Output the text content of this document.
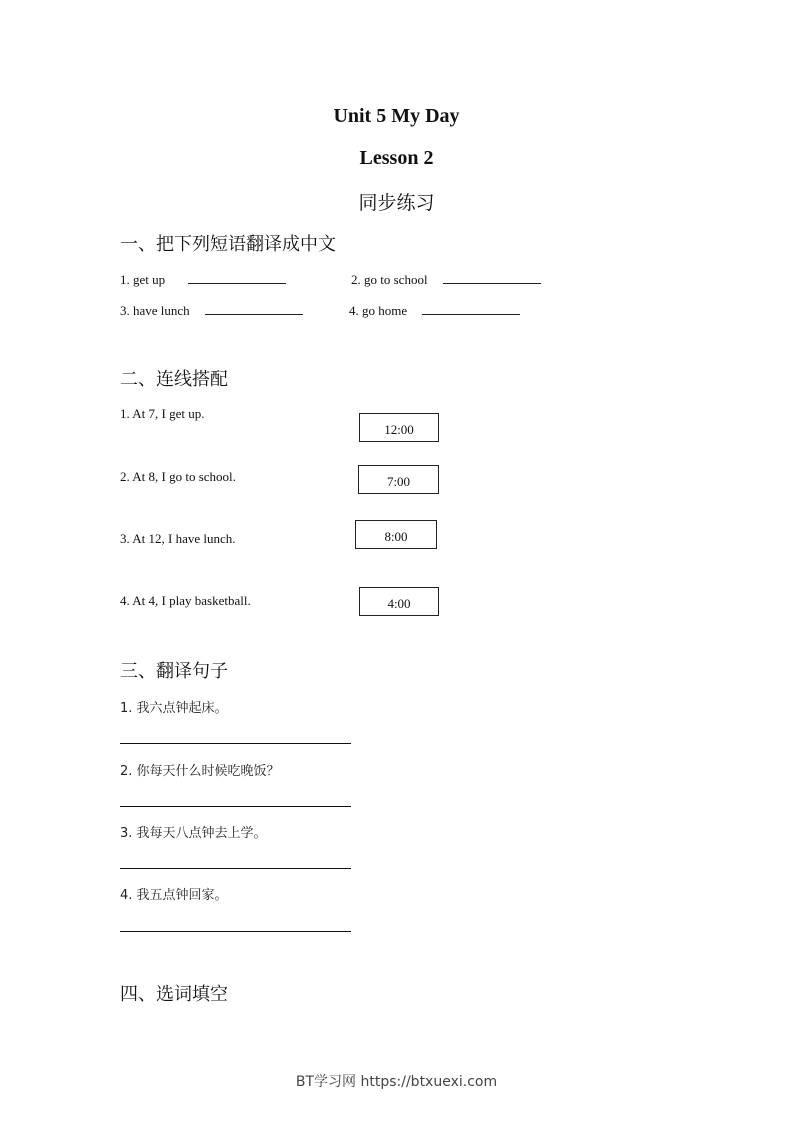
Unit 5 My Day
Lesson 2
同步练习
一、把下列短语翻译成中文
1. get up	2. go to school
3. have lunch	4. go home
二、连线搭配
1. At 7, I get up.
2. At 8, I go to school.
3. At 12, I have lunch.
4. At 4, I play basketball.
12:00
7:00
8:00
4:00
三、翻译句子
1. 我六点钟起床。
2. 你每天什么时候吃晚饭？
3. 我每天八点钟去上学。
4. 我五点钟回家。
四、选词填空
BT学习网 https://btxuexi.com
